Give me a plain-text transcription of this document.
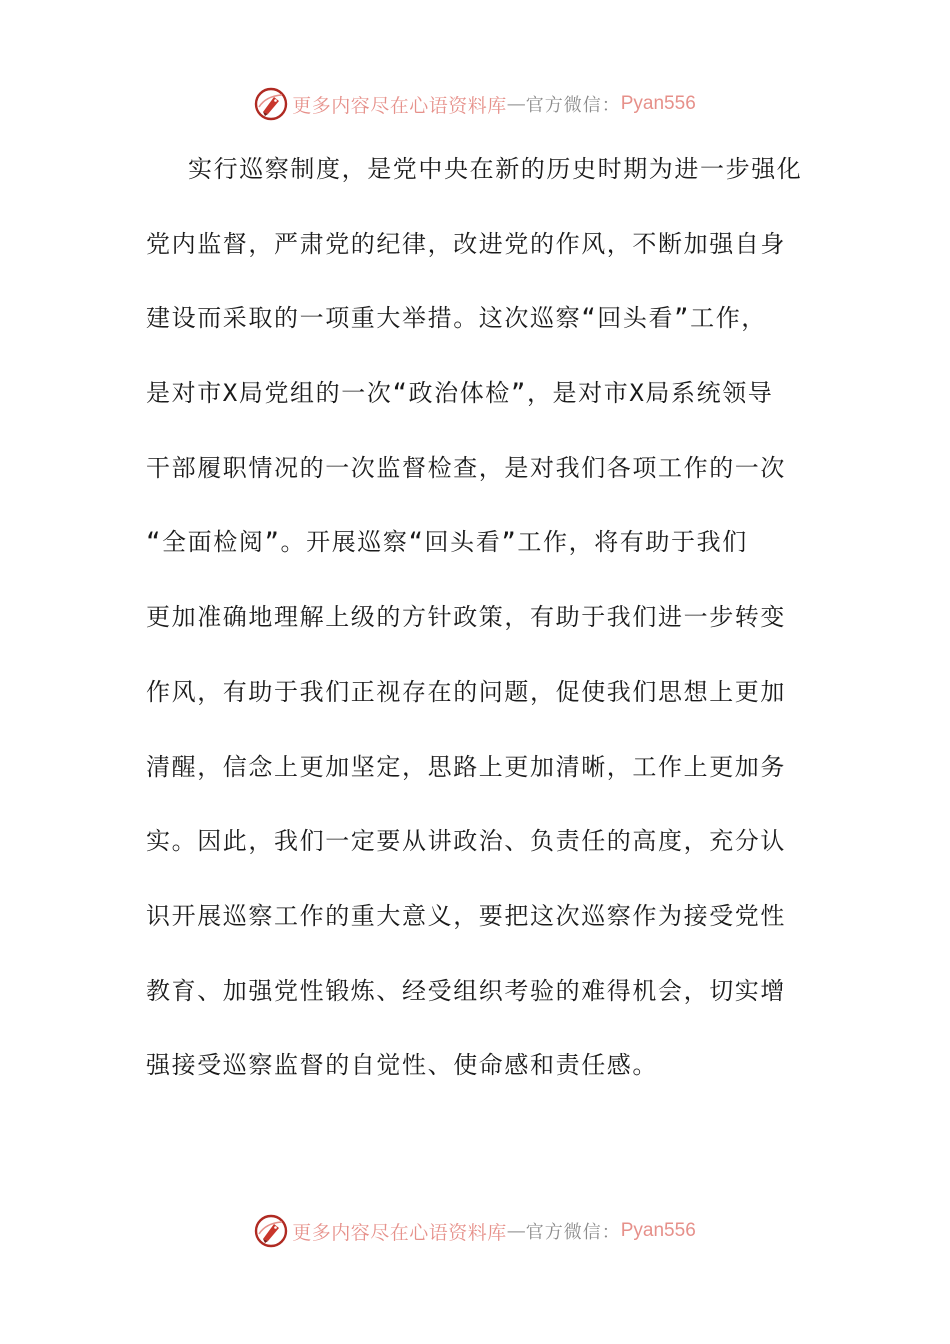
更多内容尽在心语资料库 — 官方微信： Pyan556
实行巡察制度，是党中央在新的历史时期为进一步强化
党内监督，严肃党的纪律，改进党的作风，不断加强自身
建设而采取的一项重大举措。这次巡察“回头看”工作，
是对市X局党组的一次“政治体检”，是对市X局系统领导
干部履职情况的一次监督检查，是对我们各项工作的一次
“全面检阅”。开展巡察“回头看”工作，将有助于我们
更加准确地理解上级的方针政策，有助于我们进一步转变
作风，有助于我们正视存在的问题，促使我们思想上更加
清醒，信念上更加坚定，思路上更加清晰，工作上更加务
实。因此，我们一定要从讲政治、负责任的高度，充分认
识开展巡察工作的重大意义，要把这次巡察作为接受党性
教育、加强党性锻炼、经受组织考验的难得机会，切实增
强接受巡察监督的自觉性、使命感和责任感。
更多内容尽在心语资料库 — 官方微信： Pyan556
